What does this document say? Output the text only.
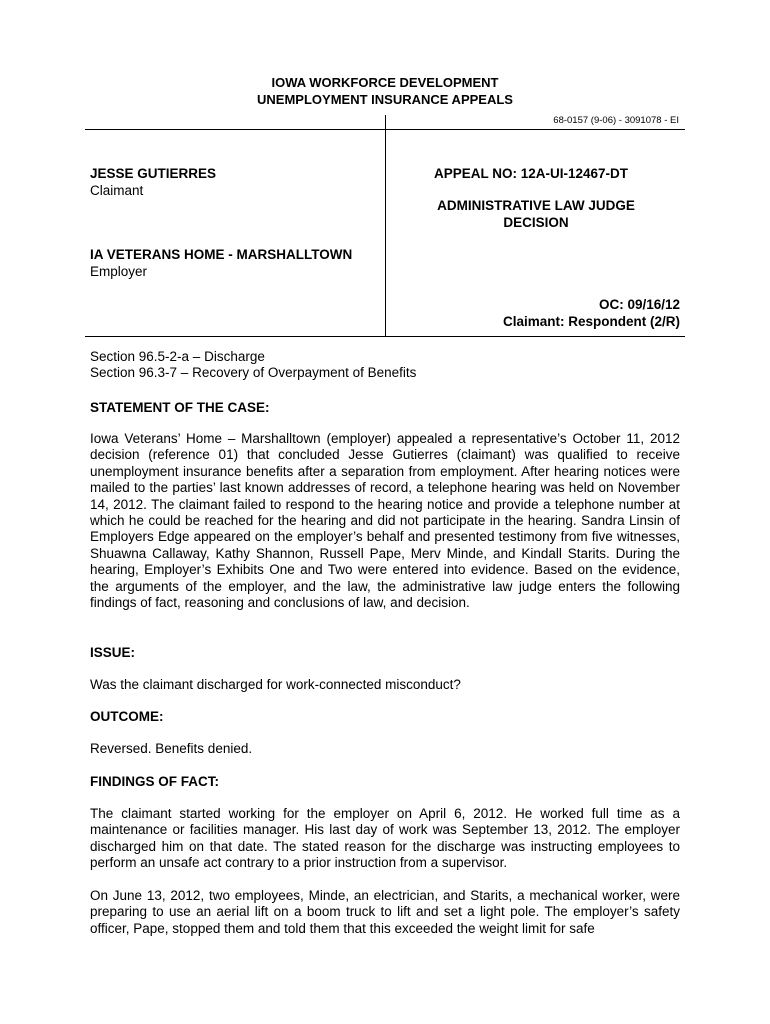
IOWA WORKFORCE DEVELOPMENT
UNEMPLOYMENT INSURANCE APPEALS
68-0157 (9-06) - 3091078 - EI
JESSE GUTIERRES
Claimant
IA VETERANS HOME - MARSHALLTOWN
Employer
APPEAL NO: 12A-UI-12467-DT
ADMINISTRATIVE LAW JUDGE
DECISION
OC: 09/16/12
Claimant: Respondent (2/R)
Section 96.5-2-a – Discharge
Section 96.3-7 – Recovery of Overpayment of Benefits
STATEMENT OF THE CASE:
Iowa Veterans’ Home – Marshalltown (employer) appealed a representative’s October 11, 2012 decision (reference 01) that concluded Jesse Gutierres (claimant) was qualified to receive unemployment insurance benefits after a separation from employment. After hearing notices were mailed to the parties’ last known addresses of record, a telephone hearing was held on November 14, 2012. The claimant failed to respond to the hearing notice and provide a telephone number at which he could be reached for the hearing and did not participate in the hearing. Sandra Linsin of Employers Edge appeared on the employer’s behalf and presented testimony from five witnesses, Shuawna Callaway, Kathy Shannon, Russell Pape, Merv Minde, and Kindall Starits. During the hearing, Employer’s Exhibits One and Two were entered into evidence. Based on the evidence, the arguments of the employer, and the law, the administrative law judge enters the following findings of fact, reasoning and conclusions of law, and decision.
ISSUE:
Was the claimant discharged for work-connected misconduct?
OUTCOME:
Reversed. Benefits denied.
FINDINGS OF FACT:
The claimant started working for the employer on April 6, 2012. He worked full time as a maintenance or facilities manager. His last day of work was September 13, 2012. The employer discharged him on that date. The stated reason for the discharge was instructing employees to perform an unsafe act contrary to a prior instruction from a supervisor.
On June 13, 2012, two employees, Minde, an electrician, and Starits, a mechanical worker, were preparing to use an aerial lift on a boom truck to lift and set a light pole. The employer’s safety officer, Pape, stopped them and told them that this exceeded the weight limit for safe
